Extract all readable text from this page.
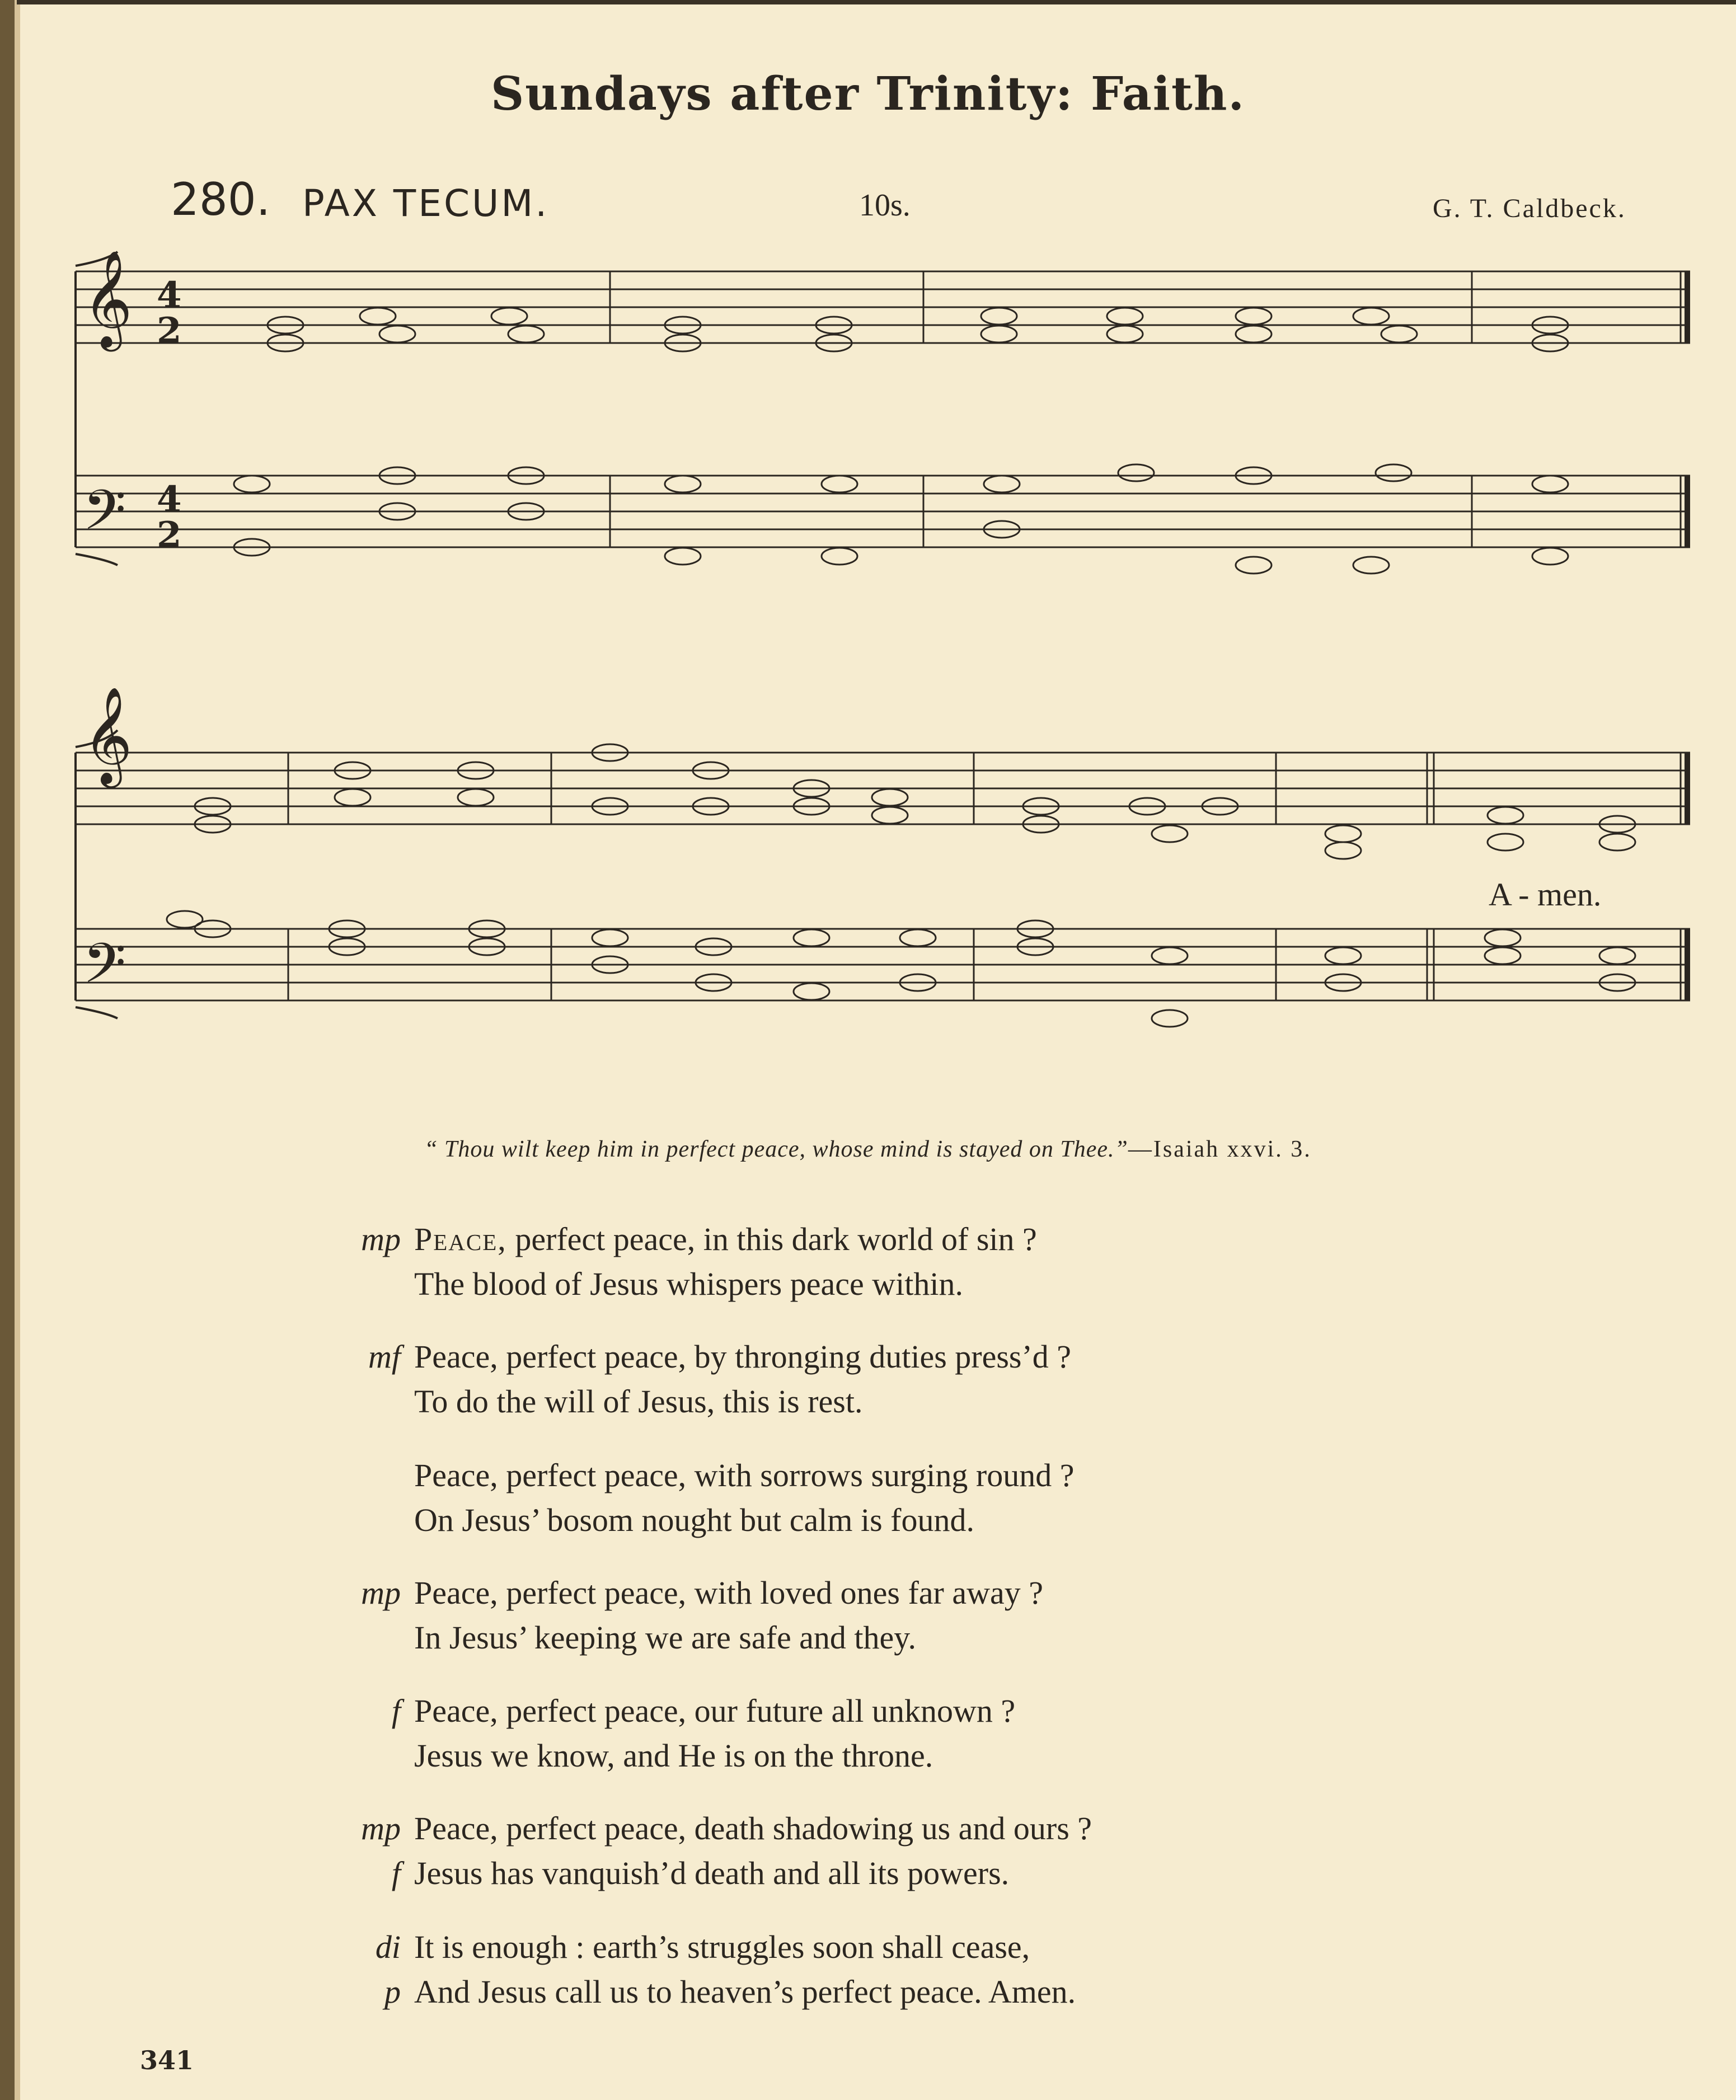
Sundays after Trinity: Faith.
280. PAX TECUM.	10s.	G. T. Caldbeck.
𝄞
𝄞
𝄢
𝄢
4
2
4
2
A - men.
“ Thou wilt keep him in perfect peace, whose mind is stayed on Thee.”—Isaiah xxvi. 3.
mp Peace, perfect peace, in this dark world of sin ?
The blood of Jesus whispers peace within.
mf Peace, perfect peace, by thronging duties press’d ?
To do the will of Jesus, this is rest.
Peace, perfect peace, with sorrows surging round ?
On Jesus’ bosom nought but calm is found.
mp Peace, perfect peace, with loved ones far away ?
In Jesus’ keeping we are safe and they.
f Peace, perfect peace, our future all unknown ?
Jesus we know, and He is on the throne.
mp Peace, perfect peace, death shadowing us and ours ?
f Jesus has vanquish’d death and all its powers.
di It is enough : earth’s struggles soon shall cease,
p And Jesus call us to heaven’s perfect peace. Amen.
341
